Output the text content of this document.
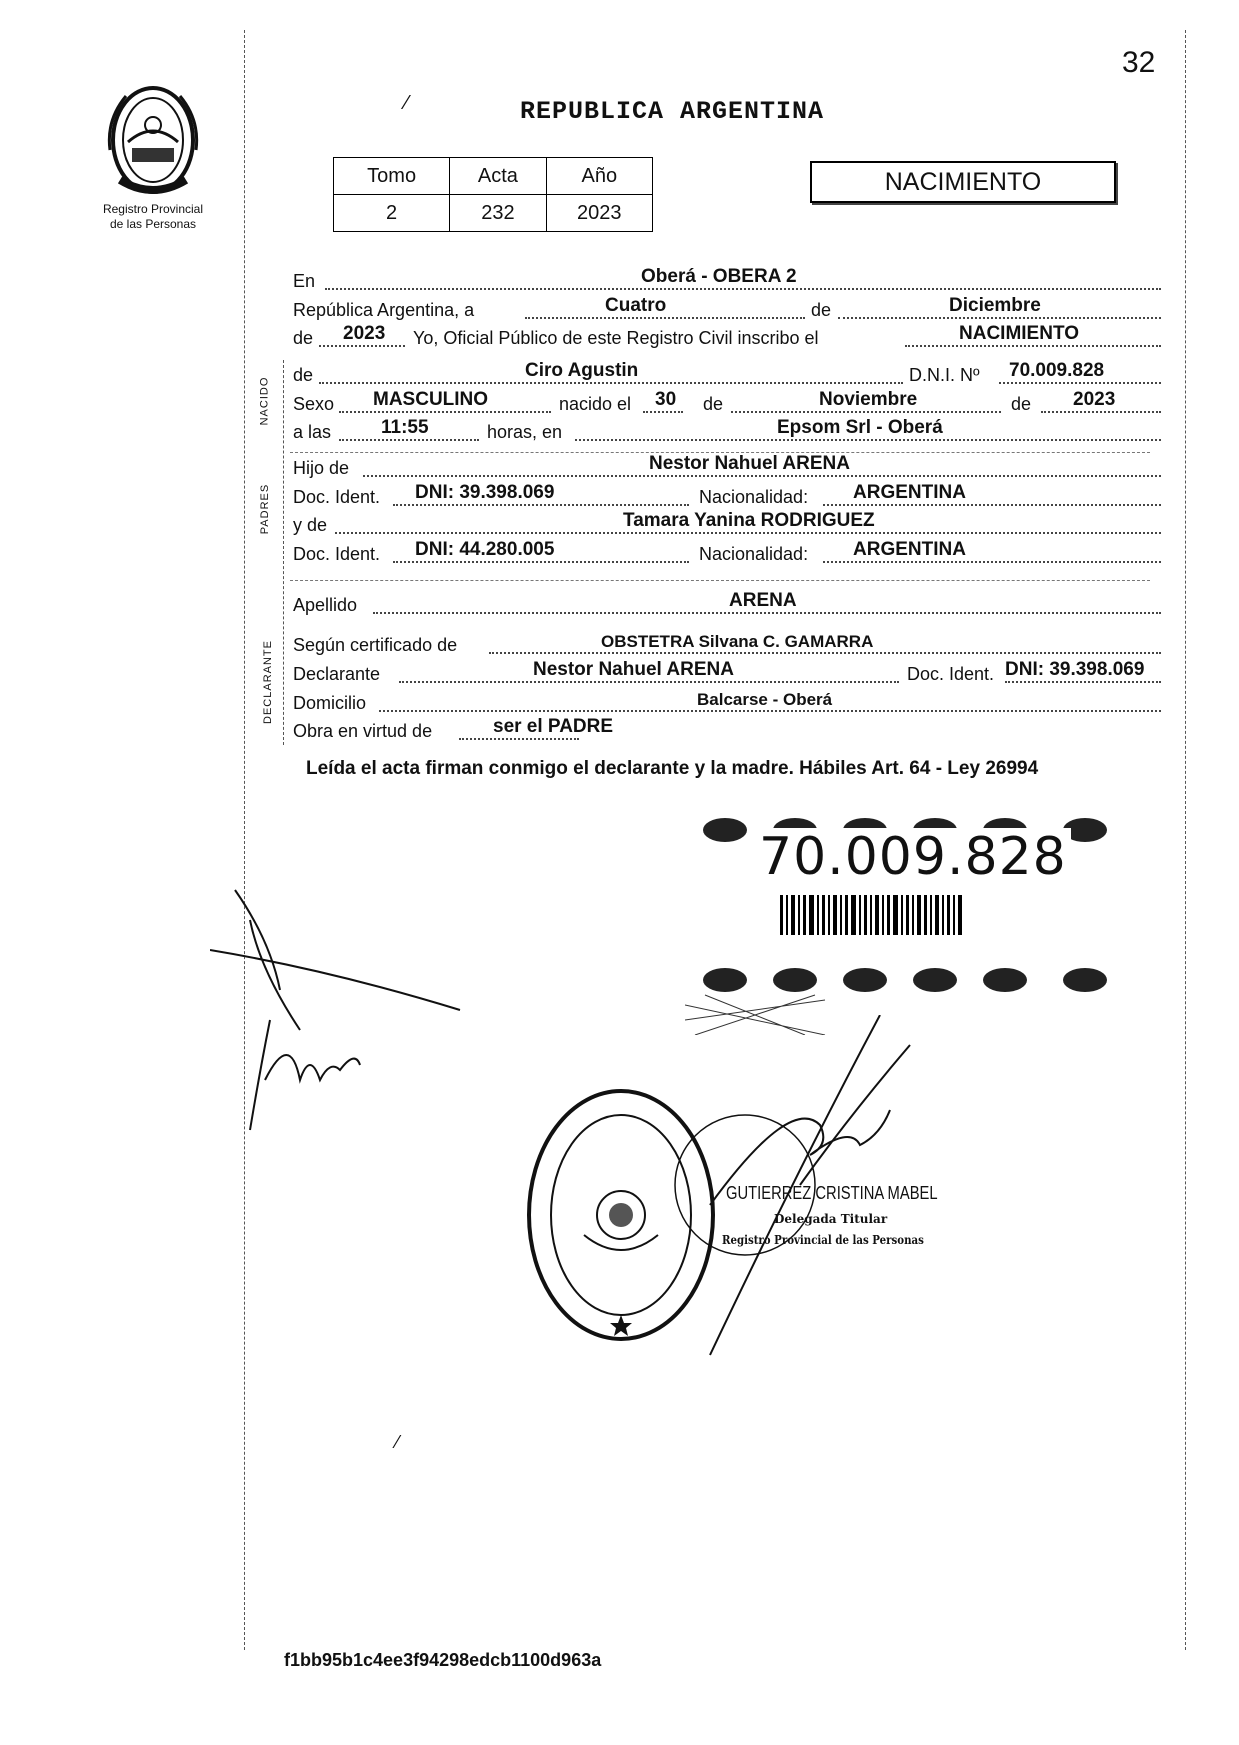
32
Registro Provincial
de las Personas
REPUBLICA ARGENTINA
⁄
Tomo	Acta	Año
2	232	2023
NACIMIENTO
NACIDO
PADRES
DECLARANTE
En	Oberá - OBERA 2
República Argentina, a	Cuatro	de	Diciembre
de 2023 Yo, Oficial Público de este Registro Civil inscribo el	NACIMIENTO
de	Ciro Agustin	D.N.I. Nº 70.009.828
Sexo MASCULINO	nacido el 30 de	Noviembre	de 2023
a las	11:55	horas, en	Epsom Srl - Oberá
Hijo de	Nestor Nahuel ARENA
Doc. Ident. DNI: 39.398.069	Nacionalidad: ARGENTINA
y de	Tamara Yanina RODRIGUEZ
Doc. Ident. DNI: 44.280.005	Nacionalidad: ARGENTINA
Apellido	ARENA
Según certificado de	OBSTETRA Silvana C. GAMARRA
Declarante	Nestor Nahuel ARENA	Doc. Ident. DNI: 39.398.069
Domicilio	Balcarse - Oberá
Obra en virtud de	ser el PADRE
Leída el acta firman conmigo el declarante y la madre. Hábiles Art. 64 - Ley 26994
70.009.828
GUTIERREZ CRISTINA MABEL
Delegada Titular
Registro Provincial de las Personas
⁄
f1bb95b1c4ee3f94298edcb1100d963a
